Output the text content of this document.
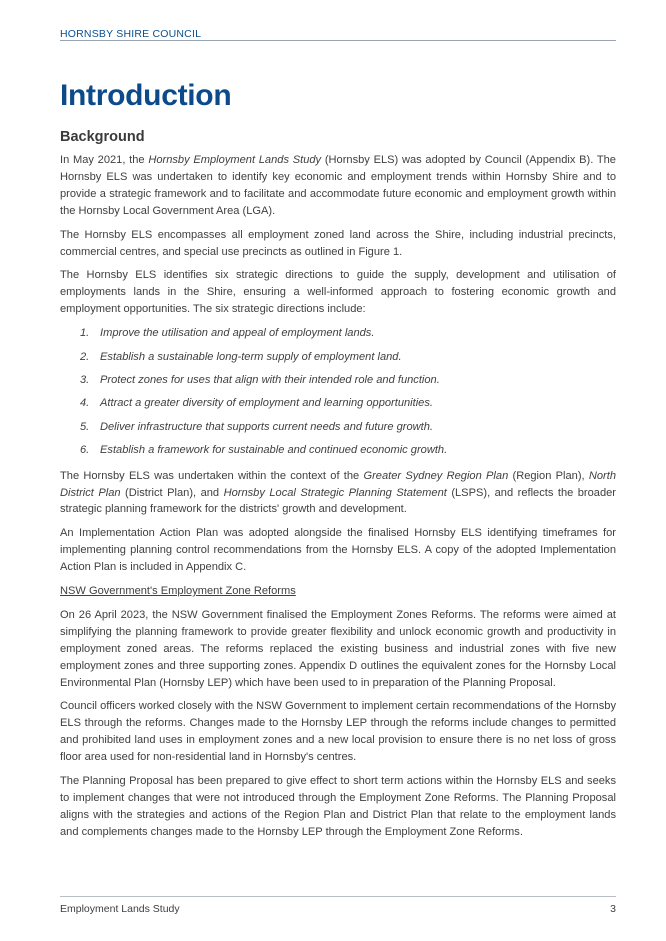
HORNSBY SHIRE COUNCIL
Introduction
Background

In May 2021, the Hornsby Employment Lands Study (Hornsby ELS) was adopted by Council (Appendix B). The Hornsby ELS was undertaken to identify key economic and employment trends within Hornsby Shire and to provide a strategic framework and to facilitate and accommodate future economic and employment growth within the Hornsby Local Government Area (LGA).

The Hornsby ELS encompasses all employment zoned land across the Shire, including industrial precincts, commercial centres, and special use precincts as outlined in Figure 1.

The Hornsby ELS identifies six strategic directions to guide the supply, development and utilisation of employments lands in the Shire, ensuring a well-informed approach to fostering economic growth and employment opportunities. The six strategic directions include:

1. Improve the utilisation and appeal of employment lands.
2. Establish a sustainable long-term supply of employment land.
3. Protect zones for uses that align with their intended role and function.
4. Attract a greater diversity of employment and learning opportunities.
5. Deliver infrastructure that supports current needs and future growth.
6. Establish a framework for sustainable and continued economic growth.

The Hornsby ELS was undertaken within the context of the Greater Sydney Region Plan (Region Plan), North District Plan (District Plan), and Hornsby Local Strategic Planning Statement (LSPS), and reflects the broader strategic planning framework for the districts' growth and development.

An Implementation Action Plan was adopted alongside the finalised Hornsby ELS identifying timeframes for implementing planning control recommendations from the Hornsby ELS. A copy of the adopted Implementation Action Plan is included in Appendix C.

NSW Government's Employment Zone Reforms

On 26 April 2023, the NSW Government finalised the Employment Zones Reforms. The reforms were aimed at simplifying the planning framework to provide greater flexibility and unlock economic growth and productivity in employment zoned areas. The reforms replaced the existing business and industrial zones with five new employment zones and three supporting zones. Appendix D outlines the equivalent zones for the Hornsby Local Environmental Plan (Hornsby LEP) which have been used to in preparation of the Planning Proposal.

Council officers worked closely with the NSW Government to implement certain recommendations of the Hornsby ELS through the reforms. Changes made to the Hornsby LEP through the reforms include changes to permitted and prohibited land uses in employment zones and a new local provision to ensure there is no net loss of gross floor area used for non-residential land in Hornsby's centres.

The Planning Proposal has been prepared to give effect to short term actions within the Hornsby ELS and seeks to implement changes that were not introduced through the Employment Zone Reforms. The Planning Proposal aligns with the strategies and actions of the Region Plan and District Plan that relate to the employment lands and complements changes made to the Hornsby LEP through the Employment Zone Reforms.

Employment Lands Study	3
